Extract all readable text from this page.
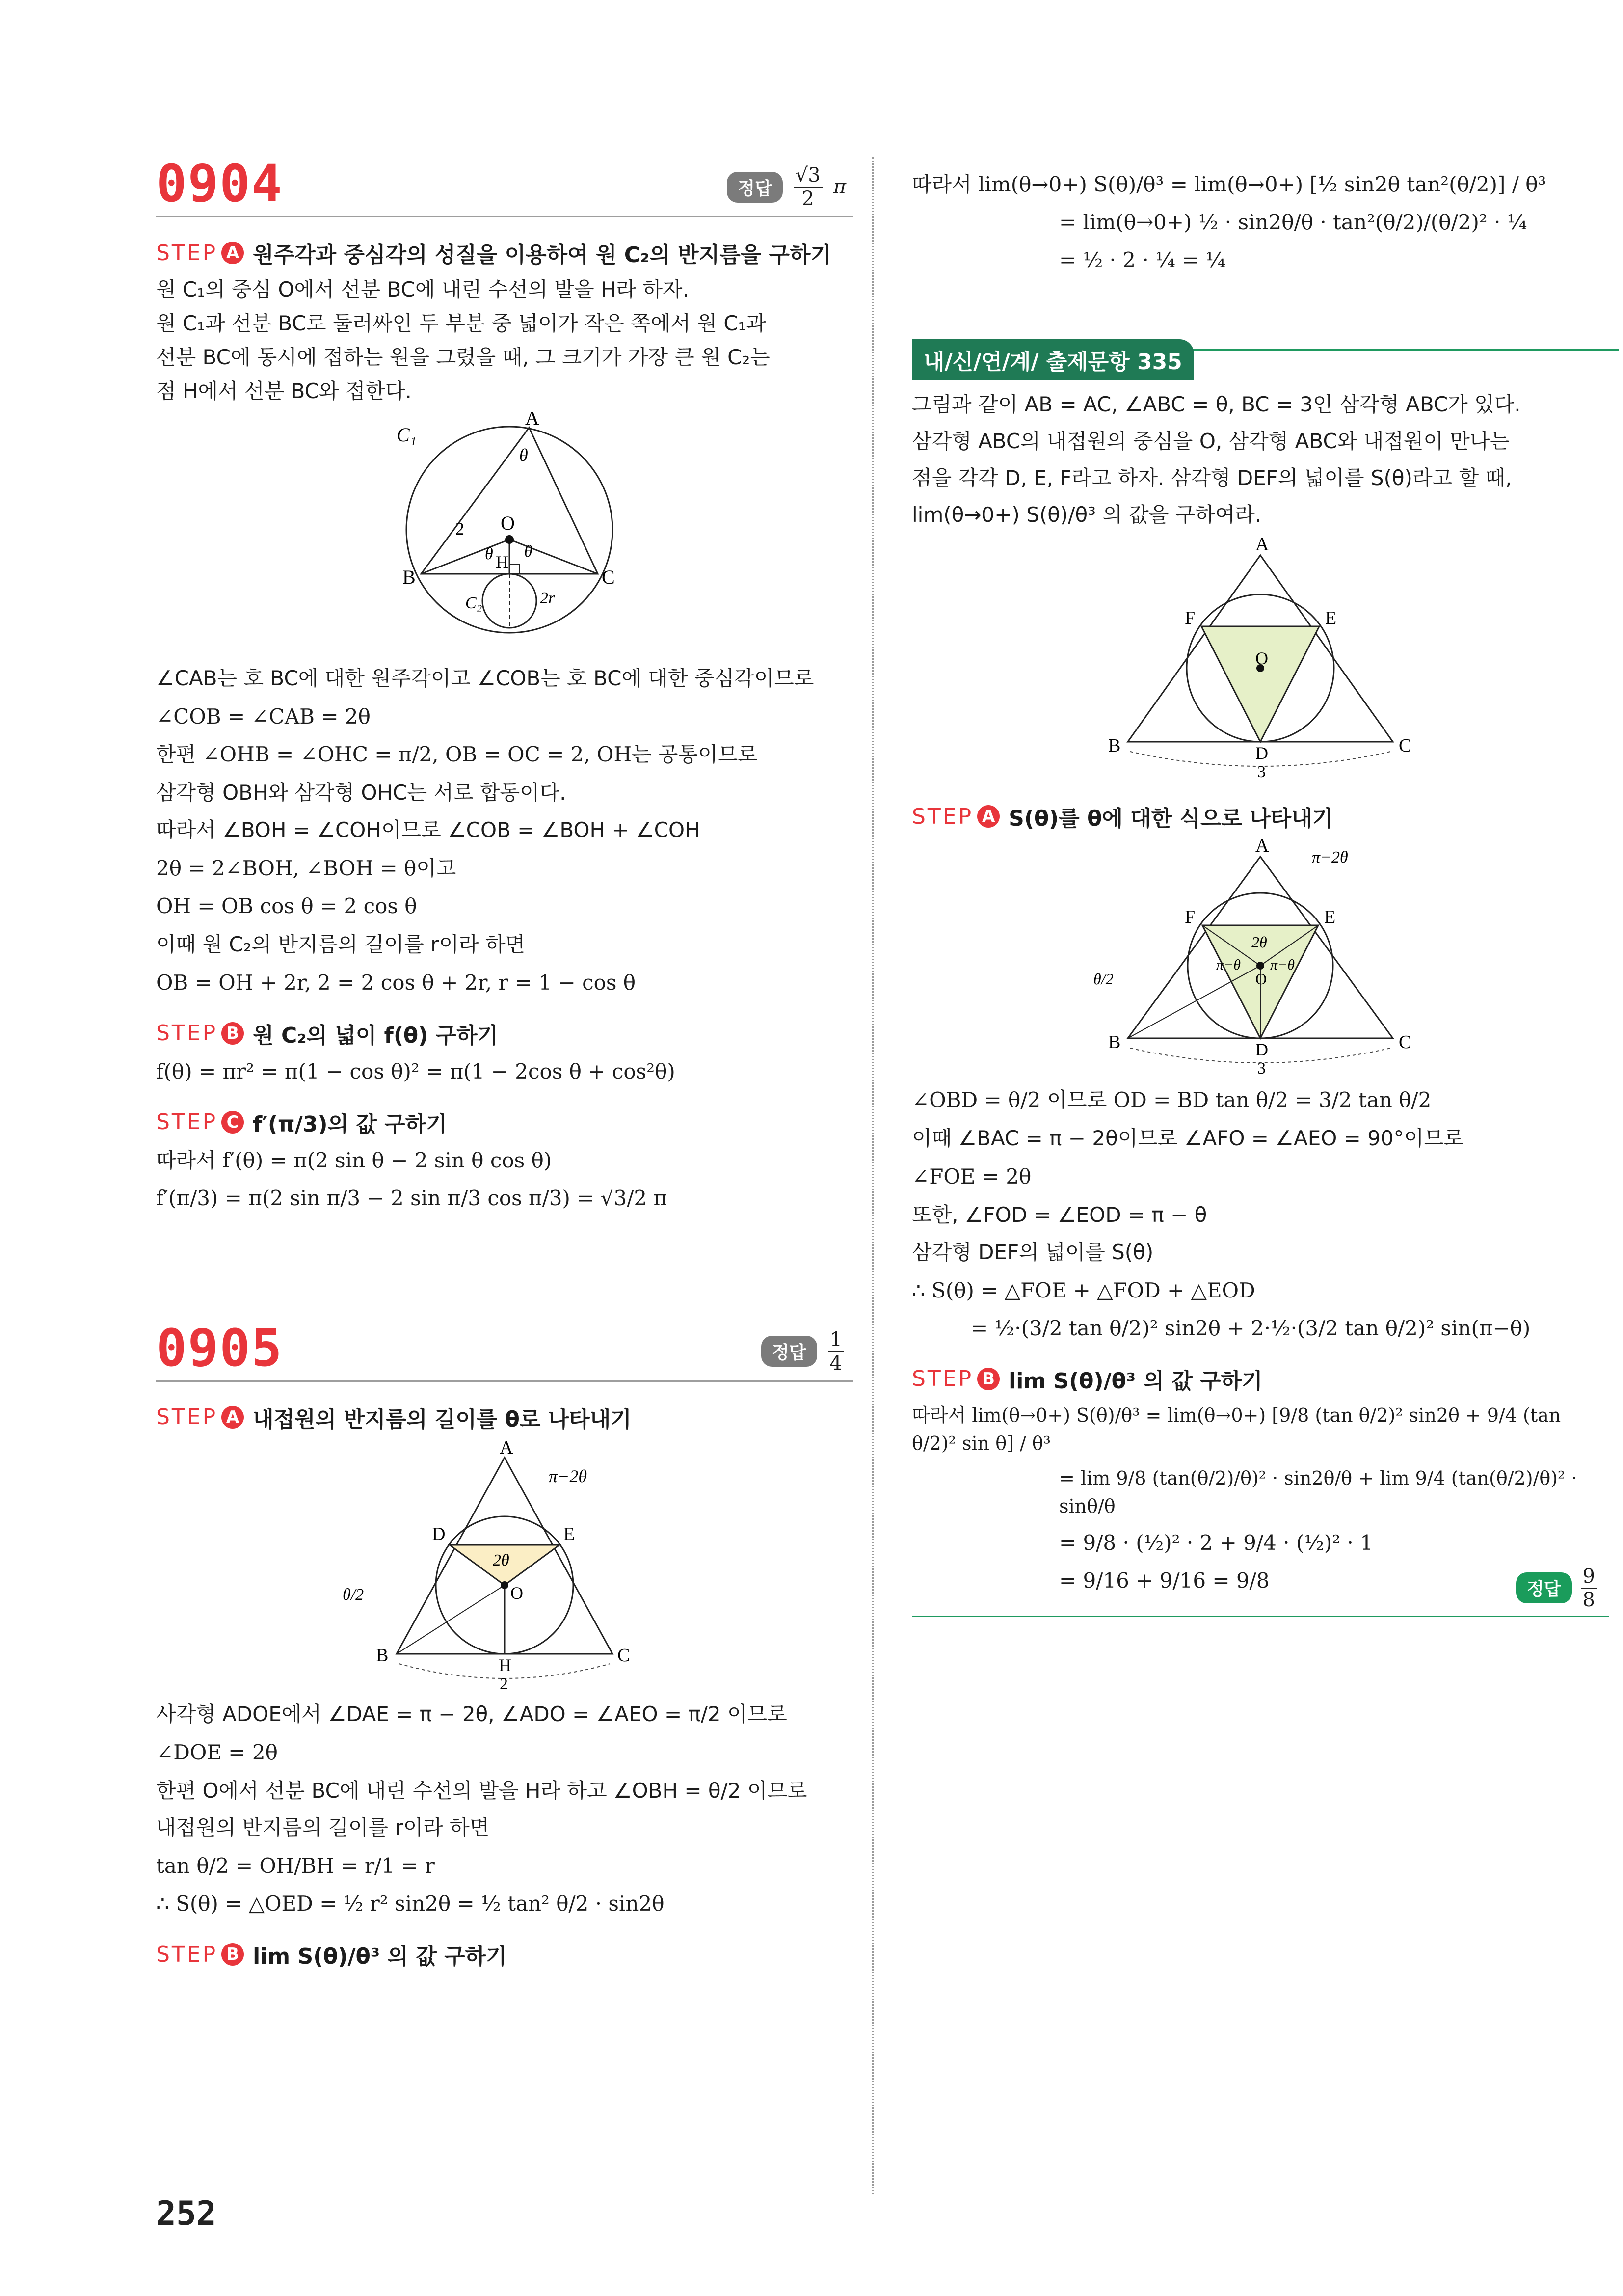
0904	정답	$\frac{√3}{2}$ π
STEP A 원주각과 중심각의 성질을 이용하여 원 C₂의 반지름을 구하기
원 C₁의 중심 O에서 선분 BC에 내린 수선의 발을 H라 하자.
원 C₁과 선분 BC로 둘러싸인 두 부분 중 넓이가 작은 쪽에서 원 C₁과
선분 BC에 동시에 접하는 원을 그렸을 때, 그 크기가 가장 큰 원 C₂는
점 H에서 선분 BC와 접한다.
C₁
A
θ
O
2
θ θ
H
B	C
C₂	2r
∠CAB는 호 BC에 대한 원주각이고 ∠COB는 호 BC에 대한 중심각이므로
∠COB = ∠CAB = 2θ
한편 ∠OHB = ∠OHC = π/2, OB = OC = 2, OH는 공통이므로
삼각형 OBH와 삼각형 OHC는 서로 합동이다.
따라서 ∠BOH = ∠COH이므로 ∠COB = ∠BOH + ∠COH
2θ = 2∠BOH, ∠BOH = θ이고
OH = OB cos θ = 2 cos θ
이때 원 C₂의 반지름의 길이를 r이라 하면
OB = OH + 2r, 2 = 2 cos θ + 2r, r = 1 − cos θ
STEP B 원 C₂의 넓이 f(θ) 구하기
f(θ) = πr² = π(1 − cos θ)² = π(1 − 2cos θ + cos²θ)
STEP C f′(π/3)의 값 구하기
따라서 f′(θ) = π(2 sin θ − 2 sin θ cos θ)
f′(π/3) = π(2 sin π/3 − 2 sin π/3 cos π/3) = √3/2 π
0905	정답	$\frac{1}{4}$
STEP A 내접원의 반지름의 길이를 θ로 나타내기
A
π−2θ
D	E
2θ
O
θ/2
B	C
H
2
사각형 ADOE에서 ∠DAE = π − 2θ, ∠ADO = ∠AEO = π/2 이므로
∠DOE = 2θ
한편 O에서 선분 BC에 내린 수선의 발을 H라 하고 ∠OBH = θ/2 이므로
내접원의 반지름의 길이를 r이라 하면
tan θ/2 = OH/BH = r/1 = r
∴ S(θ) = △OED = ½ r² sin2θ = ½ tan² θ/2 · sin2θ
STEP B lim S(θ)/θ³ 의 값 구하기
따라서 lim(θ→0+) S(θ)/θ³ = lim(θ→0+) [½ sin2θ tan²(θ/2)] / θ³
= lim(θ→0+) ½ · sin2θ/θ · tan²(θ/2)/(θ/2)² · ¼
= ½ · 2 · ¼ = ¼
내/신/연/계/ 출제문항 335
그림과 같이 AB = AC, ∠ABC = θ, BC = 3인 삼각형 ABC가 있다.
삼각형 ABC의 내접원의 중심을 O, 삼각형 ABC와 내접원이 만나는
점을 각각 D, E, F라고 하자. 삼각형 DEF의 넓이를 S(θ)라고 할 때,
lim(θ→0+) S(θ)/θ³ 의 값을 구하여라.
A
F	E
O
B	C
D
3
STEP A S(θ)를 θ에 대한 식으로 나타내기
A
π−2θ
F	E
2θ
π−θ π−θ
O
θ/2
B	C
D
3
∠OBD = θ/2 이므로 OD = BD tan θ/2 = 3/2 tan θ/2
이때 ∠BAC = π − 2θ이므로 ∠AFO = ∠AEO = 90°이므로
∠FOE = 2θ
또한, ∠FOD = ∠EOD = π − θ
삼각형 DEF의 넓이를 S(θ)
∴ S(θ) = △FOE + △FOD + △EOD
= ½·(3/2 tan θ/2)² sin2θ + 2·½·(3/2 tan θ/2)² sin(π−θ)
STEP B lim S(θ)/θ³ 의 값 구하기
따라서 lim(θ→0+) S(θ)/θ³ = lim(θ→0+) [9/8 (tan θ/2)² sin2θ + 9/4 (tan θ/2)² sin θ] / θ³
= lim 9/8 (tan(θ/2)/θ)² · sin2θ/θ + lim 9/4 (tan(θ/2)/θ)² · sinθ/θ
= 9/8 · (½)² · 2 + 9/4 · (½)² · 1
= 9/16 + 9/16 = 9/8	정답	$\frac{9}{8}$
252
